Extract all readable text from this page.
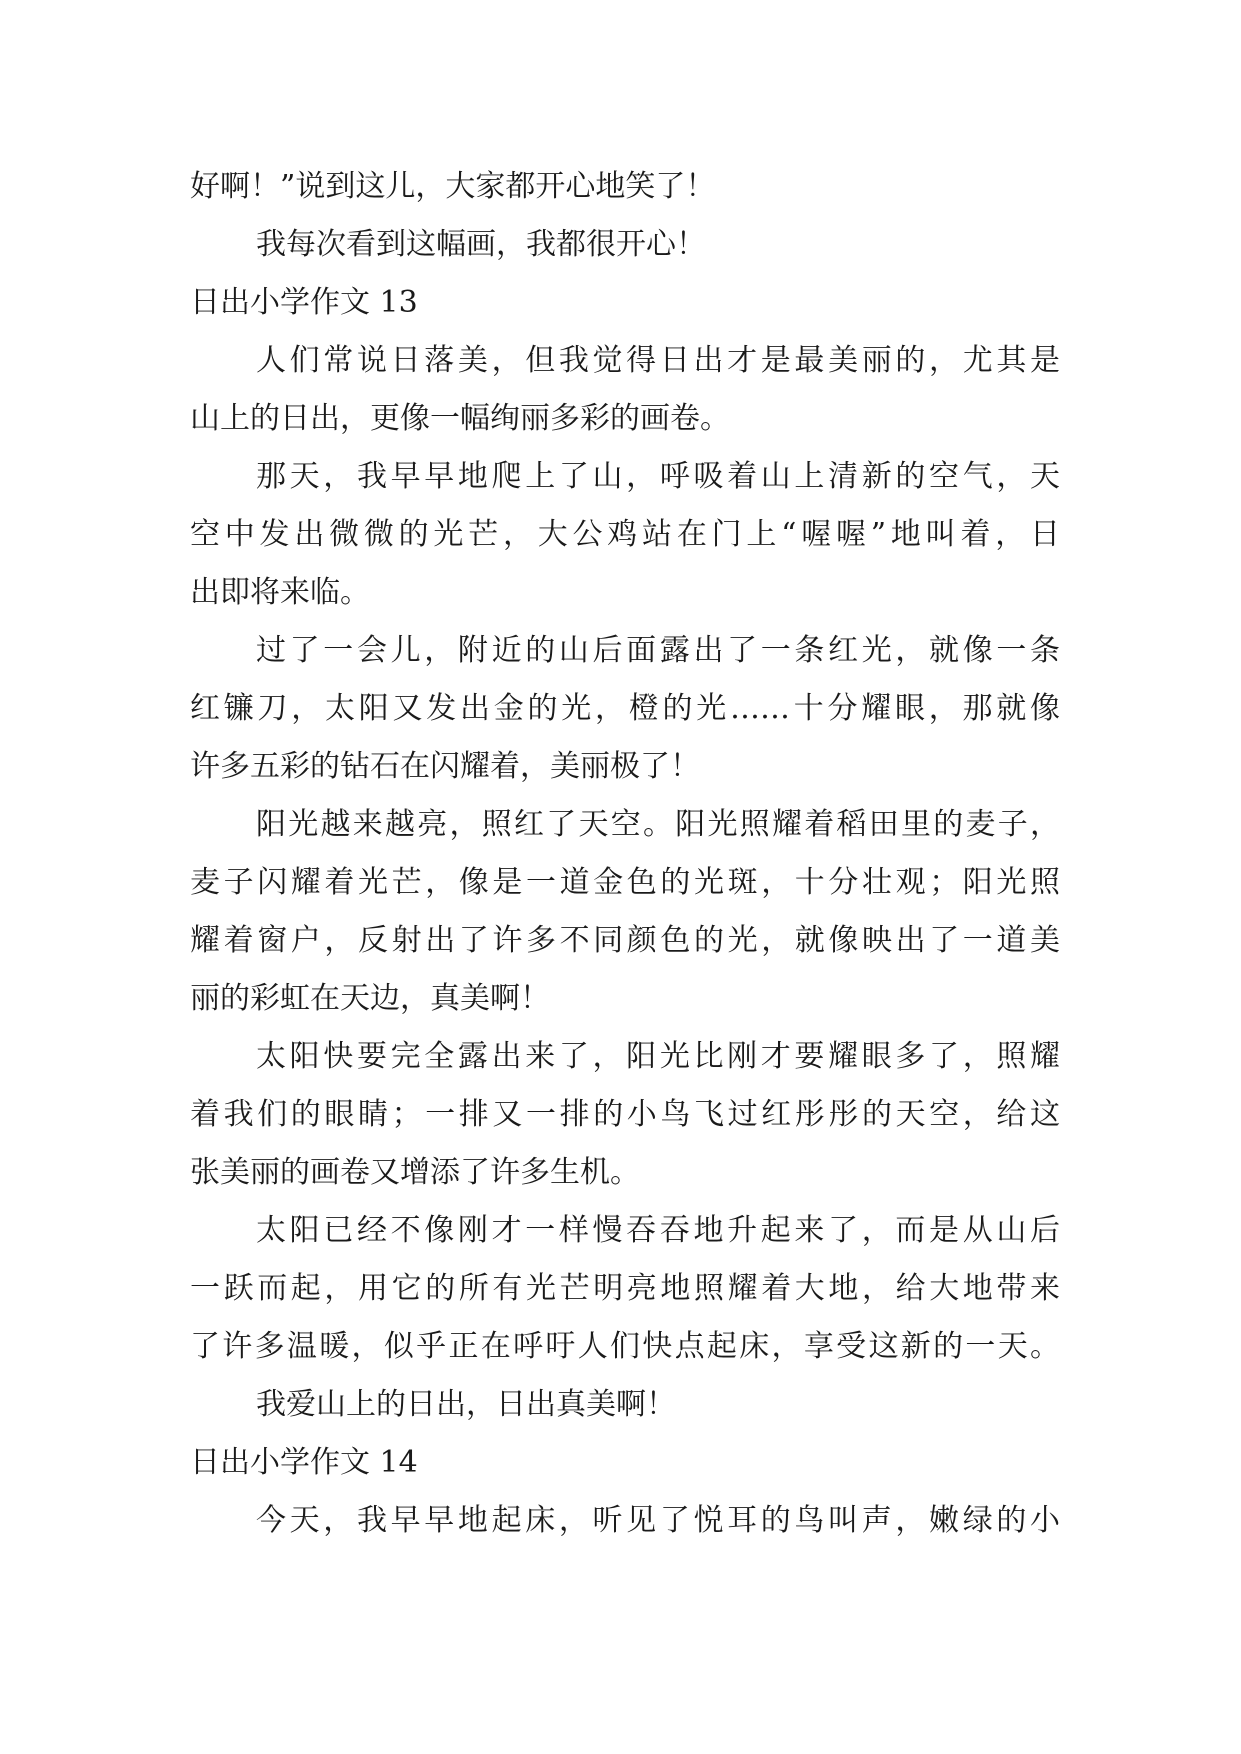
好啊！”说到这儿，大家都开心地笑了！
我每次看到这幅画，我都很开心！
日出小学作文 13
人们常说日落美，但我觉得日出才是最美丽的，尤其是
山上的日出，更像一幅绚丽多彩的画卷。
那天，我早早地爬上了山，呼吸着山上清新的空气，天
空中发出微微的光芒，大公鸡站在门上“喔喔”地叫着，日
出即将来临。
过了一会儿，附近的山后面露出了一条红光，就像一条
红镰刀，太阳又发出金的光，橙的光……十分耀眼，那就像
许多五彩的钻石在闪耀着，美丽极了！
阳光越来越亮，照红了天空。阳光照耀着稻田里的麦子，
麦子闪耀着光芒，像是一道金色的光斑，十分壮观；阳光照
耀着窗户，反射出了许多不同颜色的光，就像映出了一道美
丽的彩虹在天边，真美啊！
太阳快要完全露出来了，阳光比刚才要耀眼多了，照耀
着我们的眼睛；一排又一排的小鸟飞过红彤彤的天空，给这
张美丽的画卷又增添了许多生机。
太阳已经不像刚才一样慢吞吞地升起来了，而是从山后
一跃而起，用它的所有光芒明亮地照耀着大地，给大地带来
了许多温暖，似乎正在呼吁人们快点起床，享受这新的一天。
我爱山上的日出，日出真美啊！
日出小学作文 14
今天，我早早地起床，听见了悦耳的鸟叫声，嫩绿的小
